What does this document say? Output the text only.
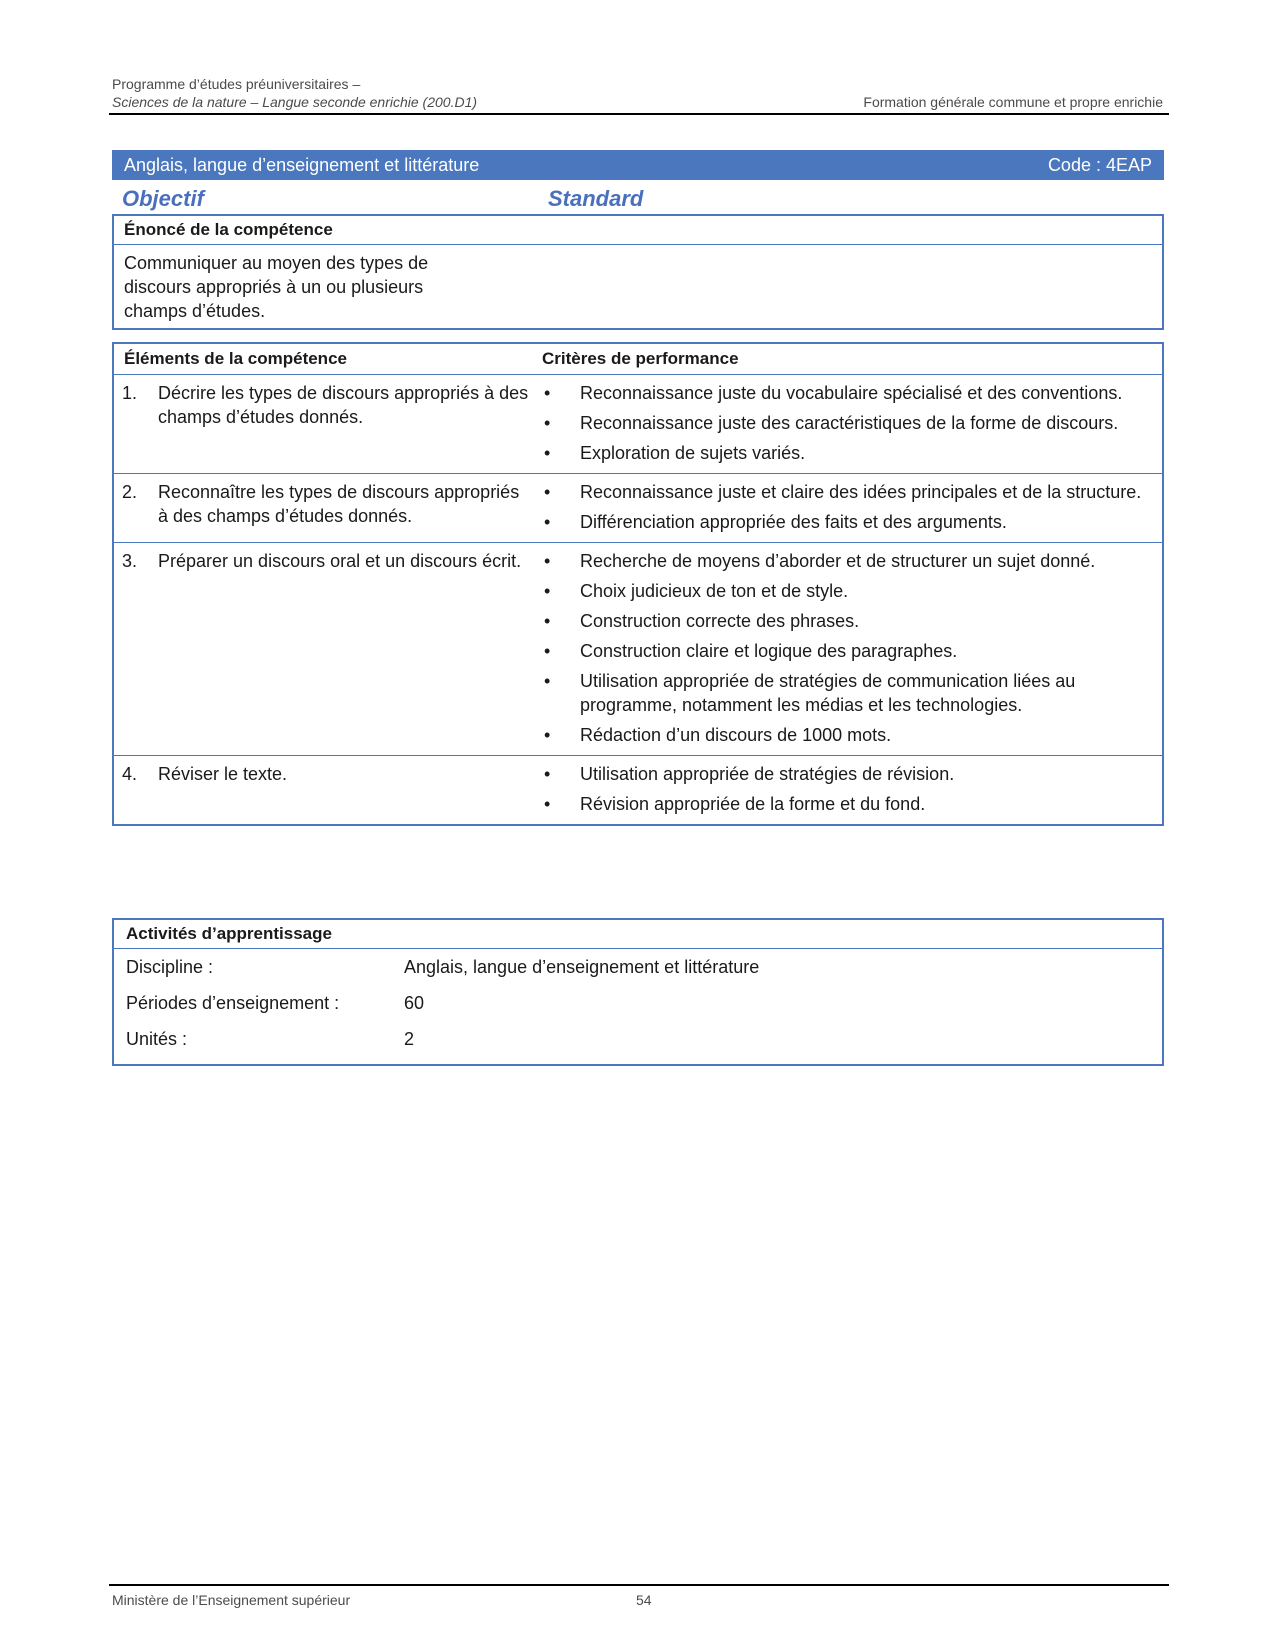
Programme d’études préuniversitaires –
Sciences de la nature – Langue seconde enrichie (200.D1)	Formation générale commune et propre enrichie
Anglais, langue d’enseignement et littérature	Code : 4EAP
Objectif	Standard
Énoncé de la compétence
Communiquer au moyen des types de discours appropriés à un ou plusieurs champs d’études.
Éléments de la compétence	Critères de performance
1.	Décrire les types de discours appropriés à des champs d’études donnés.
•	Reconnaissance juste du vocabulaire spécialisé et des conventions.
•	Reconnaissance juste des caractéristiques de la forme de discours.
•	Exploration de sujets variés.
2.	Reconnaître les types de discours appropriés à des champs d’études donnés.
•	Reconnaissance juste et claire des idées principales et de la structure.
•	Différenciation appropriée des faits et des arguments.
3.	Préparer un discours oral et un discours écrit. •	Recherche de moyens d’aborder et de structurer un sujet donné.
•	Choix judicieux de ton et de style.
•	Construction correcte des phrases.
•	Construction claire et logique des paragraphes.
•	Utilisation appropriée de stratégies de communication liées au programme, notamment les médias et les technologies.
•	Rédaction d’un discours de 1000 mots.
4.	Réviser le texte.	•	Utilisation appropriée de stratégies de révision.
•	Révision appropriée de la forme et du fond.
Activités d’apprentissage
Discipline :	Anglais, langue d’enseignement et littérature
Périodes d’enseignement :	60
Unités :	2
Ministère de l’Enseignement supérieur	54
